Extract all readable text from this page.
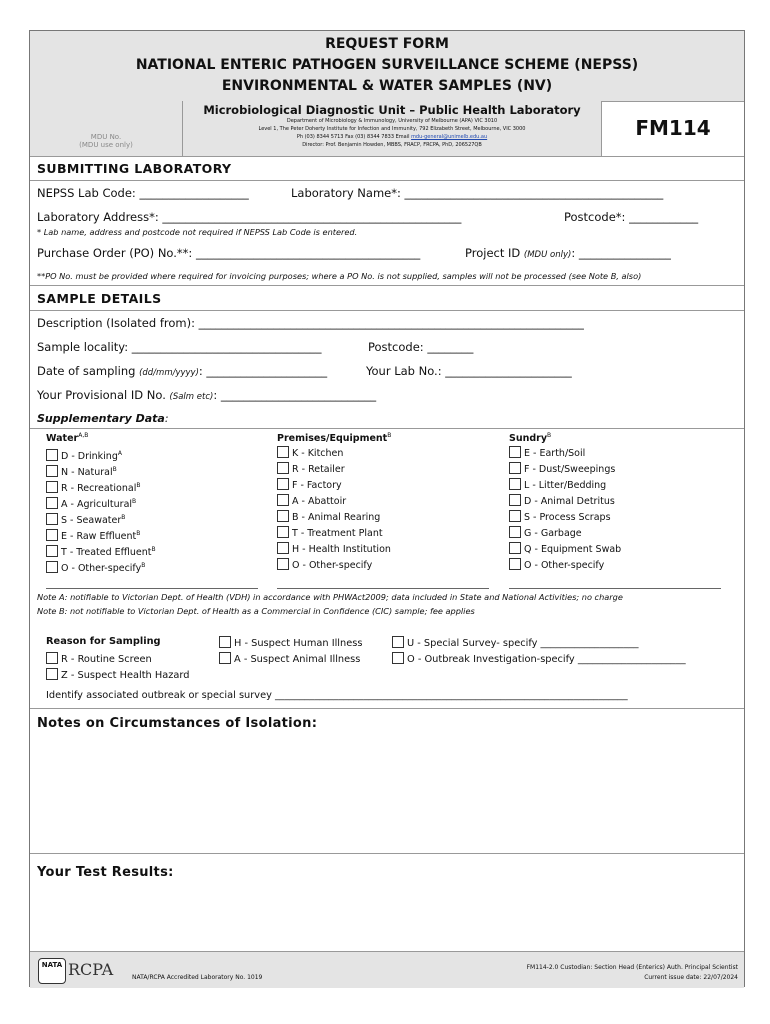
REQUEST FORM
NATIONAL ENTERIC PATHOGEN SURVEILLANCE SCHEME (NEPSS)
ENVIRONMENTAL & WATER SAMPLES (NV)
MDU No.
(MDU use only)
Microbiological Diagnostic Unit – Public Health Laboratory
Department of Microbiology & Immunology, University of Melbourne (APA) VIC 3010
Level 1, The Peter Doherty Institute for Infection and Immunity, 792 Elizabeth Street, Melbourne, VIC 3000
Ph (03) 8344 5713 Fax (03) 8344 7833 Email mdu-general@unimelb.edu.au
Director: Prof. Benjamin Howden, MBBS, FRACP, FRCPA, PhD, 206527QB
FM114
SUBMITTING LABORATORY
NEPSS Lab Code: ___________________	Laboratory Name*: _____________________________________________
Laboratory Address*: ____________________________________________________	Postcode*: ____________
* Lab name, address and postcode not required if NEPSS Lab Code is entered.
Purchase Order (PO) No.**: _______________________________________	Project ID (MDU only): ________________
**PO No. must be provided where required for invoicing purposes; where a PO No. is not supplied, samples will not be processed (see Note B, also)
SAMPLE DETAILS
Description (Isolated from): ___________________________________________________________________
Sample locality: _________________________________	Postcode: ________
Date of sampling (dd/mm/yyyy): _____________________	Your Lab No.: ______________________
Your Provisional ID No. (Salm etc): ___________________________
Supplementary Data:
Water$^{A,B}$
D - Drinking$^A$
N - Natural$^B$
R - Recreational$^B$
A - Agricultural$^B$
S - Seawater$^B$
E - Raw Effluent$^B$
T - Treated Effluent$^B$
O - Other-specify$^B$
Premises/Equipment$^B$
K - Kitchen
R - Retailer
F - Factory
A - Abattoir
B - Animal Rearing
T - Treatment Plant
H - Health Institution
O - Other-specify
Sundry$^B$
E - Earth/Soil
F - Dust/Sweepings
L - Litter/Bedding
D - Animal Detritus
S - Process Scraps
G - Garbage
Q - Equipment Swab
O - Other-specify
Note A: notifiable to Victorian Dept. of Health (VDH) in accordance with PHWAct2009; data included in State and National Activities; no charge
Note B: not notifiable to Victorian Dept. of Health as a Commercial in Confidence (CIC) sample; fee applies
Reason for Sampling
R - Routine Screen
Z - Suspect Health Hazard
H - Suspect Human Illness
A - Suspect Animal Illness
U - Special Survey- specify ____________________
O - Outbreak Investigation-specify ______________________
Identify associated outbreak or special survey ________________________________________________________________________
Notes on Circumstances of Isolation:
Your Test Results:
NATA RCPA	NATA/RCPA Accredited Laboratory No. 1019
FM114-2.0 Custodian: Section Head (Enterics) Auth. Principal Scientist
Current issue date: 22/07/2024
